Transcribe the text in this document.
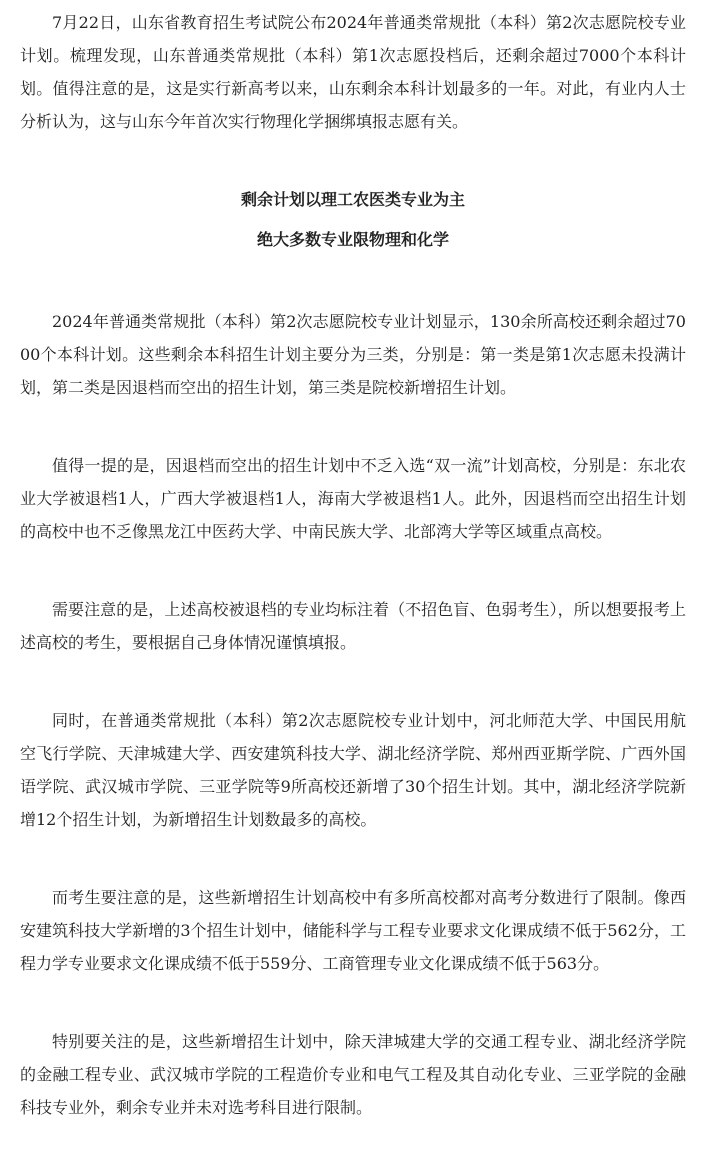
7月22日，山东省教育招生考试院公布2024年普通类常规批（本科）第2次志愿院校专业计划。梳理发现，山东普通类常规批（本科）第1次志愿投档后，还剩余超过7000个本科计划。值得注意的是，这是实行新高考以来，山东剩余本科计划最多的一年。对此，有业内人士分析认为，这与山东今年首次实行物理化学捆绑填报志愿有关。

剩余计划以理工农医类专业为主

绝大多数专业限物理和化学

2024年普通类常规批（本科）第2次志愿院校专业计划显示，130余所高校还剩余超过7000个本科计划。这些剩余本科招生计划主要分为三类，分别是：第一类是第1次志愿未投满计划，第二类是因退档而空出的招生计划，第三类是院校新增招生计划。

值得一提的是，因退档而空出的招生计划中不乏入选“双一流”计划高校，分别是：东北农业大学被退档1人，广西大学被退档1人，海南大学被退档1人。此外，因退档而空出招生计划的高校中也不乏像黑龙江中医药大学、中南民族大学、北部湾大学等区域重点高校。

需要注意的是，上述高校被退档的专业均标注着（不招色盲、色弱考生），所以想要报考上述高校的考生，要根据自己身体情况谨慎填报。

同时，在普通类常规批（本科）第2次志愿院校专业计划中，河北师范大学、中国民用航空飞行学院、天津城建大学、西安建筑科技大学、湖北经济学院、郑州西亚斯学院、广西外国语学院、武汉城市学院、三亚学院等9所高校还新增了30个招生计划。其中，湖北经济学院新增12个招生计划，为新增招生计划数最多的高校。

而考生要注意的是，这些新增招生计划高校中有多所高校都对高考分数进行了限制。像西安建筑科技大学新增的3个招生计划中，储能科学与工程专业要求文化课成绩不低于562分，工程力学专业要求文化课成绩不低于559分、工商管理专业文化课成绩不低于563分。

特别要关注的是，这些新增招生计划中，除天津城建大学的交通工程专业、湖北经济学院的金融工程专业、武汉城市学院的工程造价专业和电气工程及其自动化专业、三亚学院的金融科技专业外，剩余专业并未对选考科目进行限制。
